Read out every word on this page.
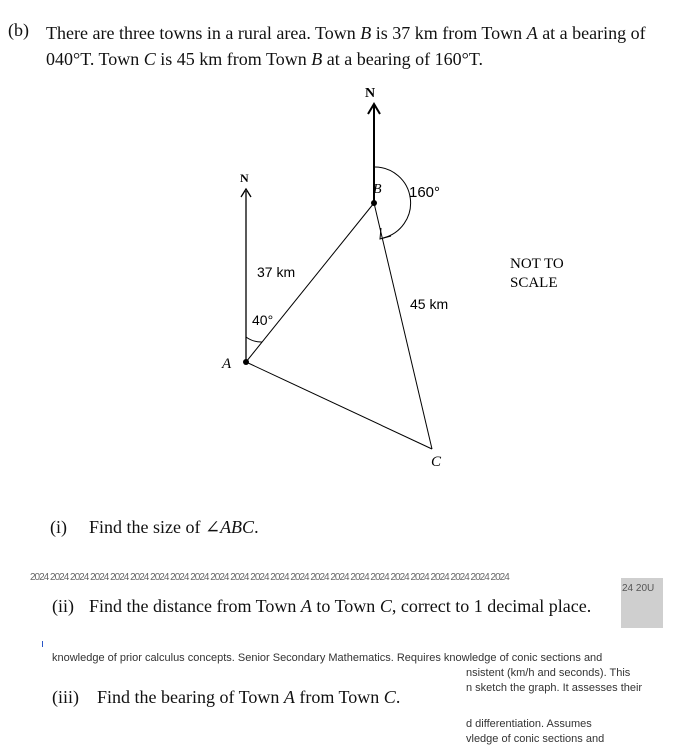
(b) There are three towns in a rural area. Town B is 37 km from Town A at a bearing of 040°T. Town C is 45 km from Town B at a bearing of 160°T.
N
N
A
B
C
160°
37 km
45 km
40°
NOT TO
SCALE
(i) Find the size of ∠ABC.
2024 2024 2024 2024 2024 2024 2024 2024 2024 2024 2024 2024 2024 2024 2024 2024 2024 2024 2024 2024 2024 2024 2024 2024
24 20U
(ii) Find the distance from Town A to Town C, correct to 1 decimal place.
knowledge of prior calculus concepts. Senior Secondary Mathematics. Requires knowledge of conic sections and
nsistent (km/h and seconds). This
n sketch the graph. It assesses their
d differentiation. Assumes
vledge of conic sections and
(iii) Find the bearing of Town A from Town C.
